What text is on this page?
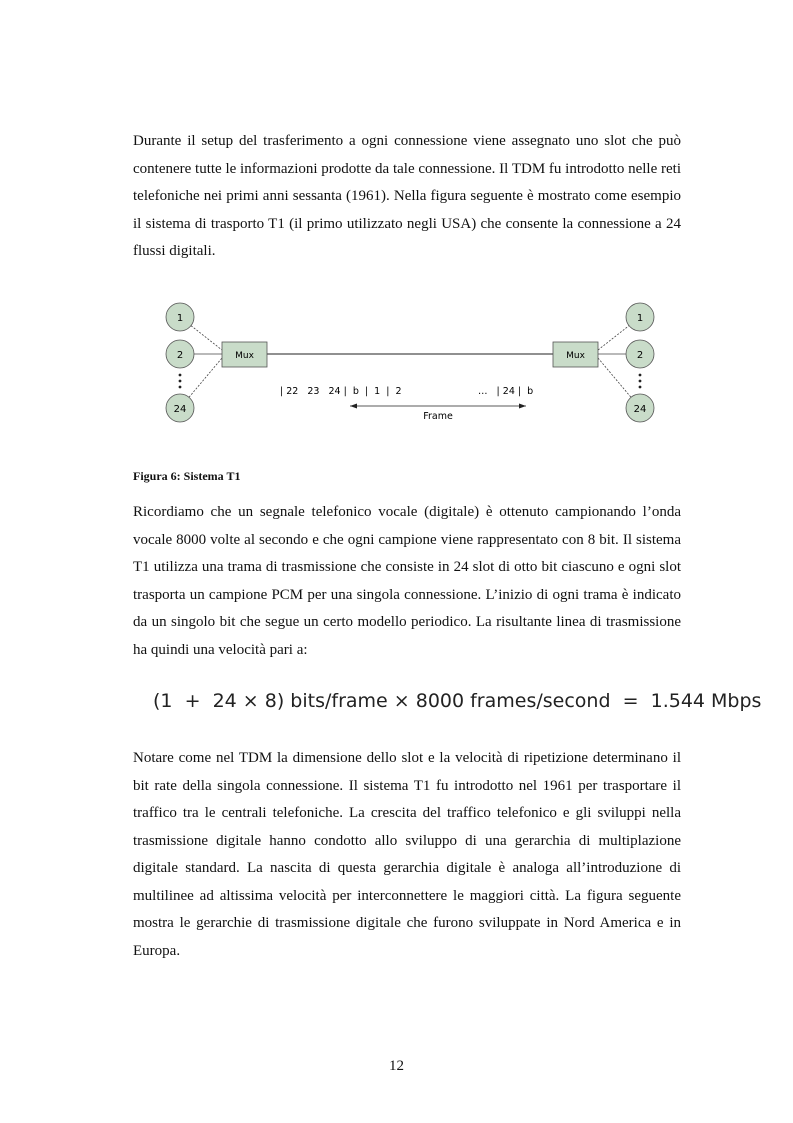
Durante il setup del trasferimento a ogni connessione viene assegnato uno slot che può contenere tutte le informazioni prodotte da tale connessione. Il TDM fu introdotto nelle reti telefoniche nei primi anni sessanta (1961). Nella figura seguente è mostrato come esempio il sistema di trasporto T1 (il primo utilizzato negli USA) che consente la connessione a 24 flussi digitali.

1
2
24
1
2
24
Mux	Mux
| 22   23   24 |  b  |  1  |  2	…   | 24 |  b
Frame

Figura 6: Sistema T1

Ricordiamo che un segnale telefonico vocale (digitale) è ottenuto campionando l’onda vocale 8000 volte al secondo e che ogni campione viene rappresentato con 8 bit. Il sistema T1 utilizza una trama di trasmissione che consiste in 24 slot di otto bit ciascuno e ogni slot trasporta un campione PCM per una singola connessione. L’inizio di ogni trama è indicato da un singolo bit che segue un certo modello periodico. La risultante linea di trasmissione ha quindi una velocità pari a:

(1  +  24 × 8) bits/frame × 8000 frames/second  =  1.544 Mbps

Notare come nel TDM la dimensione dello slot e la velocità di ripetizione determinano il bit rate della singola connessione. Il sistema T1 fu introdotto nel 1961 per trasportare il traffico tra le centrali telefoniche. La crescita del traffico telefonico e gli sviluppi nella trasmissione digitale hanno condotto allo sviluppo di una gerarchia di multiplazione digitale standard. La nascita di questa gerarchia digitale è analoga all’introduzione di multilinee ad altissima velocità per interconnettere le maggiori città. La figura seguente mostra le gerarchie di trasmissione digitale che furono sviluppate in Nord America e in Europa.

12
